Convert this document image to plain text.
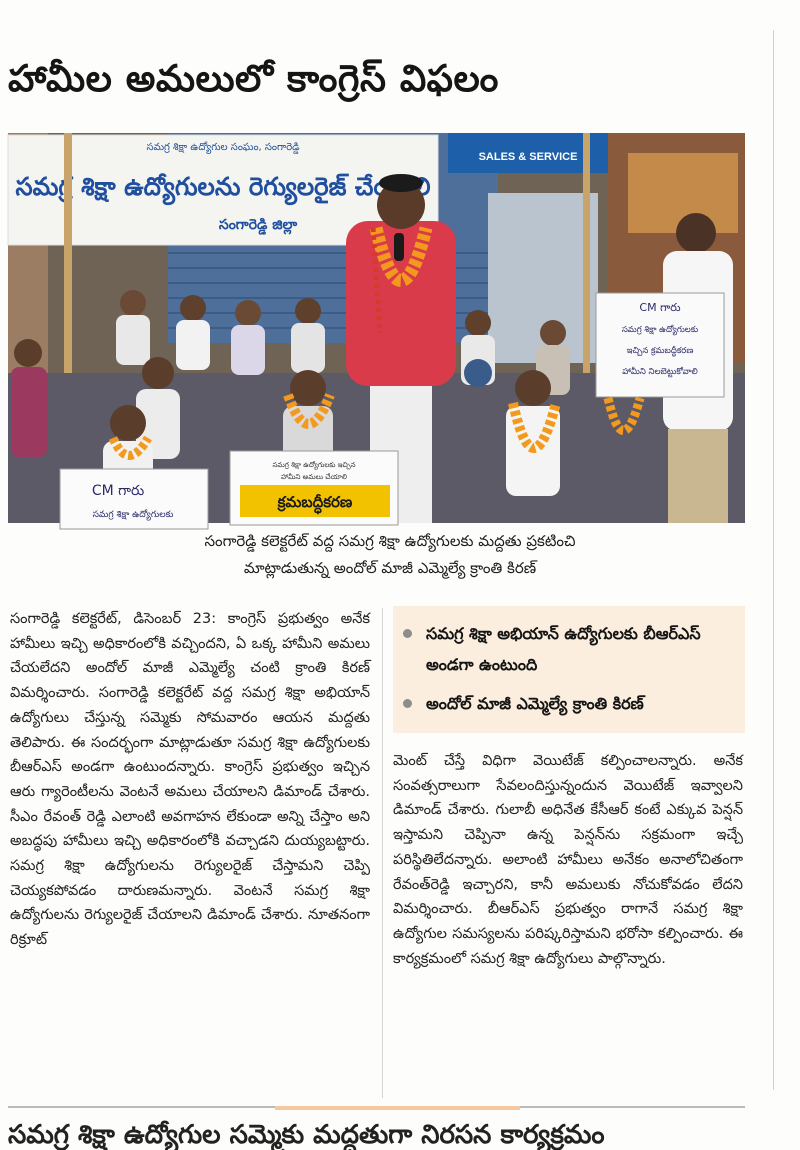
హామీల అమలులో కాంగ్రెస్ విఫలం
SALES & SERVICE
సమగ్ర శిక్షా ఉద్యోగుల సంఘం, సంగారెడ్డి
సమగ్ర శిక్షా ఉద్యోగులను రెగ్యులరైజ్ చేయాలి
సంగారెడ్డి జిల్లా
CM గారు
సమగ్ర శిక్షా ఉద్యోగులకు
ఇచ్చిన క్రమబద్ధీకరణ
హామీని నిలబెట్టుకోవాలి
CM గారు
సమగ్ర శిక్షా ఉద్యోగులకు
సమగ్ర శిక్షా ఉద్యోగులకు ఇచ్చిన
హామీని అమలు చేయాలి
క్రమబద్ధీకరణ
సంగారెడ్డి కలెక్టరేట్ వద్ద సమగ్ర శిక్షా ఉద్యోగులకు మద్దతు ప్రకటించి
మాట్లాడుతున్న అందోల్ మాజీ ఎమ్మెల్యే క్రాంతి కిరణ్

సంగారెడ్డి కలెక్టరేట్, డిసెంబర్ 23: కాంగ్రెస్ ప్రభుత్వం అనేక హామీలు ఇచ్చి అధికారంలోకి వచ్చిందని, ఏ ఒక్క హామీని అమలు చేయలేదని అందోల్ మాజీ ఎమ్మెల్యే చంటి క్రాంతి కిరణ్ విమర్శించారు. సంగారెడ్డి కలెక్టరేట్ వద్ద సమగ్ర శిక్షా అభియాన్ ఉద్యోగులు చేస్తున్న సమ్మెకు సోమవారం ఆయన మద్దతు తెలిపారు. ఈ సందర్భంగా మాట్లాడుతూ సమగ్ర శిక్షా ఉద్యోగులకు బీఆర్ఎస్ అండగా ఉంటుందన్నారు. కాంగ్రెస్ ప్రభుత్వం ఇచ్చిన ఆరు గ్యారెంటీలను వెంటనే అమలు చేయాలని డిమాండ్ చేశారు. సీఎం రేవంత్ రెడ్డి ఎలాంటి అవగాహన లేకుండా అన్ని చేస్తాం అని అబద్ధపు హామీలు ఇచ్చి అధికారంలోకి వచ్చాడని దుయ్యబట్టారు. సమగ్ర శిక్షా ఉద్యోగులను రెగ్యులరైజ్ చేస్తామని చెప్పి చెయ్యకపోవడం దారుణమన్నారు. వెంటనే సమగ్ర శిక్షా ఉద్యోగులను రెగ్యులరైజ్ చేయాలని డిమాండ్ చేశారు. నూతనంగా రిక్రూట్

సమగ్ర శిక్షా అభియాన్ ఉద్యోగులకు బీఆర్ఎస్ అండగా ఉంటుంది
అందోల్ మాజీ ఎమ్మెల్యే క్రాంతి కిరణ్

మెంట్ చేస్తే విధిగా వెయిటేజ్ కల్పించాలన్నారు. అనేక సంవత్సరాలుగా సేవలందిస్తున్నందున వెయిటేజ్ ఇవ్వాలని డిమాండ్ చేశారు. గులాబీ అధినేత కేసీఆర్ కంటే ఎక్కువ పెన్షన్ ఇస్తామని చెప్పినా ఉన్న పెన్షన్‌ను సక్రమంగా ఇచ్చే పరిస్థితిలేదన్నారు. అలాంటి హామీలు అనేకం అనాలోచితంగా రేవంత్‌రెడ్డి ఇచ్చారని, కానీ అమలుకు నోచుకోవడం లేదని విమర్శించారు. బీఆర్ఎస్ ప్రభుత్వం రాగానే సమగ్ర శిక్షా ఉద్యోగుల సమస్యలను పరిష్కరిస్తామని భరోసా కల్పించారు. ఈ కార్యక్రమంలో సమగ్ర శిక్షా ఉద్యోగులు పాల్గొన్నారు.

సమగ్ర శిక్షా ఉద్యోగుల సమ్మెకు మద్దతుగా నిరసన కార్యక్రమం
